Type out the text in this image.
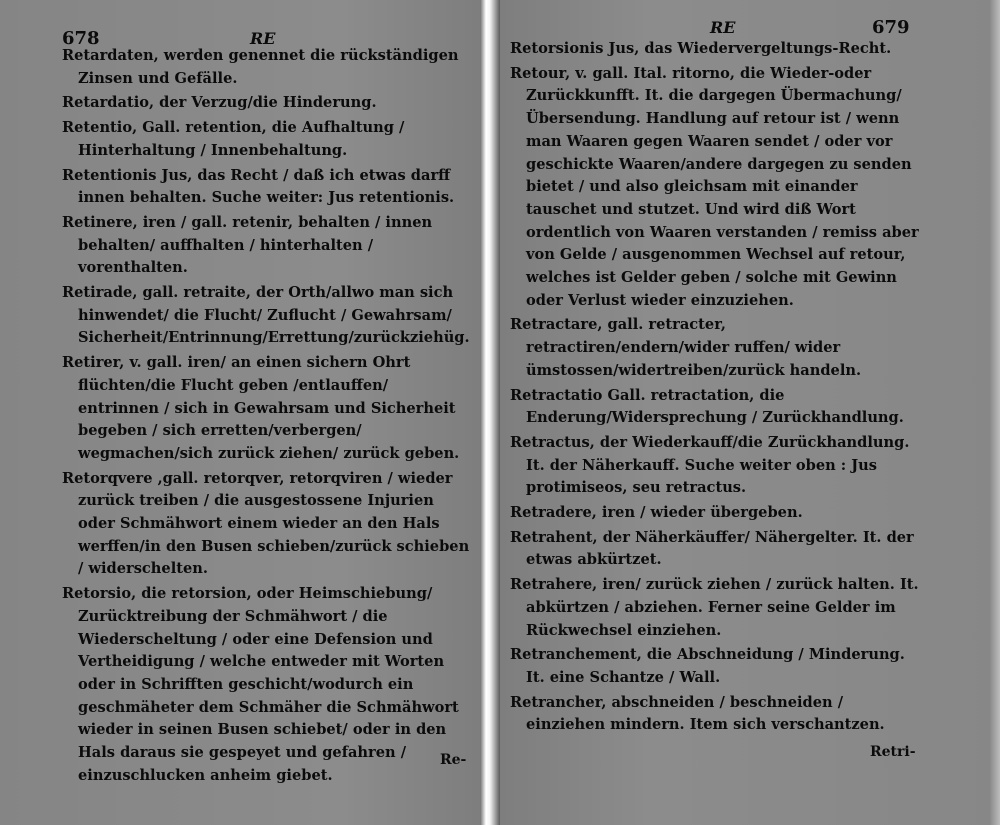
678	RE

Retardaten, werden genennet die rückständigen Zinsen und Gefälle.

Retardatio, der Verzug/die Hinderung.

Retentio, Gall. retention, die Aufhaltung / Hinterhaltung / Innenbehaltung.

Retentionis Jus, das Recht / daß ich etwas darff innen behalten. Suche weiter: Jus retentionis.

Retinere, iren / gall. retenir, behalten / innen behalten/ auffhalten / hinterhalten / vorenthalten.

Retirade, gall. retraite, der Orth/allwo man sich hinwendet/ die Flucht/ Zuflucht / Gewahrsam/ Sicherheit/Entrinnung/Errettung/zurückziehüg.

Retirer, v. gall. iren/ an einen sichern Ohrt flüchten/die Flucht geben /entlauffen/ entrinnen / sich in Gewahrsam und Sicherheit begeben / sich erretten/verbergen/ wegmachen/sich zurück ziehen/ zurück geben.

Retorqvere ,gall. retorqver, retorqviren / wieder zurück treiben / die ausgestossene Injurien oder Schmähwort einem wieder an den Hals werffen/in den Busen schieben/zurück schieben / widerschelten.

Retorsio, die retorsion, oder Heimschiebung/ Zurücktreibung der Schmähwort / die Wiederscheltung / oder eine Defension und Vertheidigung / welche entweder mit Worten oder in Schrifften geschicht/wodurch ein geschmäheter dem Schmäher die Schmähwort wieder in seinen Busen schiebet/ oder in den Hals daraus sie gespeyet und gefahren / einzuschlucken anheim giebet.

Re-
RE	679

Retorsionis Jus, das Wiedervergeltungs-Recht.

Retour, v. gall. Ital. ritorno, die Wieder-oder Zurückkunfft. It. die dargegen Übermachung/ Übersendung. Handlung auf retour ist / wenn man Waaren gegen Waaren sendet / oder vor geschickte Waaren/andere dargegen zu senden bietet / und also gleichsam mit einander tauschet und stutzet. Und wird diß Wort ordentlich von Waaren verstanden / remiss aber von Gelde / ausgenommen Wechsel auf retour, welches ist Gelder geben / solche mit Gewinn oder Verlust wieder einzuziehen.

Retractare, gall. retracter, retractiren/endern/wider ruffen/ wider ümstossen/widertreiben/zurück handeln.

Retractatio Gall. retractation, die Enderung/Widersprechung / Zurückhandlung.

Retractus, der Wiederkauff/die Zurückhandlung. It. der Näherkauff. Suche weiter oben : Jus protimiseos, seu retractus.

Retradere, iren / wieder übergeben.

Retrahent, der Näherkäuffer/ Nähergelter. It. der etwas abkürtzet.

Retrahere, iren/ zurück ziehen / zurück halten. It. abkürtzen / abziehen. Ferner seine Gelder im Rückwechsel einziehen.

Retranchement, die Abschneidung / Minderung. It. eine Schantze / Wall.

Retrancher, abschneiden / beschneiden / einziehen mindern. Item sich verschantzen.

Retri-
